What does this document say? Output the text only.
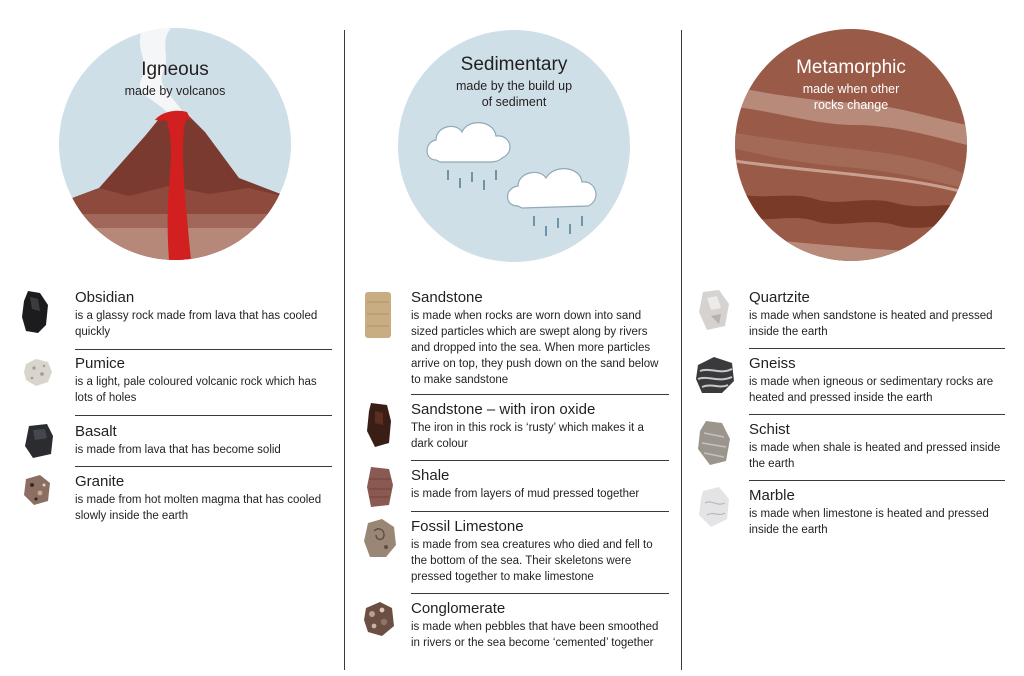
Igneous
made by volcanos
Obsidian
is a glassy rock made from lava that has cooled quickly
Pumice
is a light, pale coloured volcanic rock which has lots of holes
Basalt
is made from lava that has become solid
Granite
is made from hot molten magma that has cooled slowly inside the earth
Sedimentary
made by the build up
of sediment
Sandstone
is made when rocks are worn down into sand sized particles which are swept along by rivers and dropped into the sea. When more particles arrive on top, they push down on the sand below to make sandstone
Sandstone – with iron oxide
The iron in this rock is ‘rusty’ which makes it a dark colour
Shale
is made from layers of mud pressed together
Fossil Limestone
is made from sea creatures who died and fell to the bottom of the sea. Their skeletons were pressed together to make limestone
Conglomerate
is made when pebbles that have been smoothed in rivers or the sea become ‘cemented’ together
Metamorphic
made when other
rocks change
Quartzite
is made when sandstone is heated and pressed inside the earth
Gneiss
is made when igneous or sedimentary rocks are heated and pressed inside the earth
Schist
is made when shale is heated and pressed inside the earth
Marble
is made when limestone is heated and pressed inside the earth
